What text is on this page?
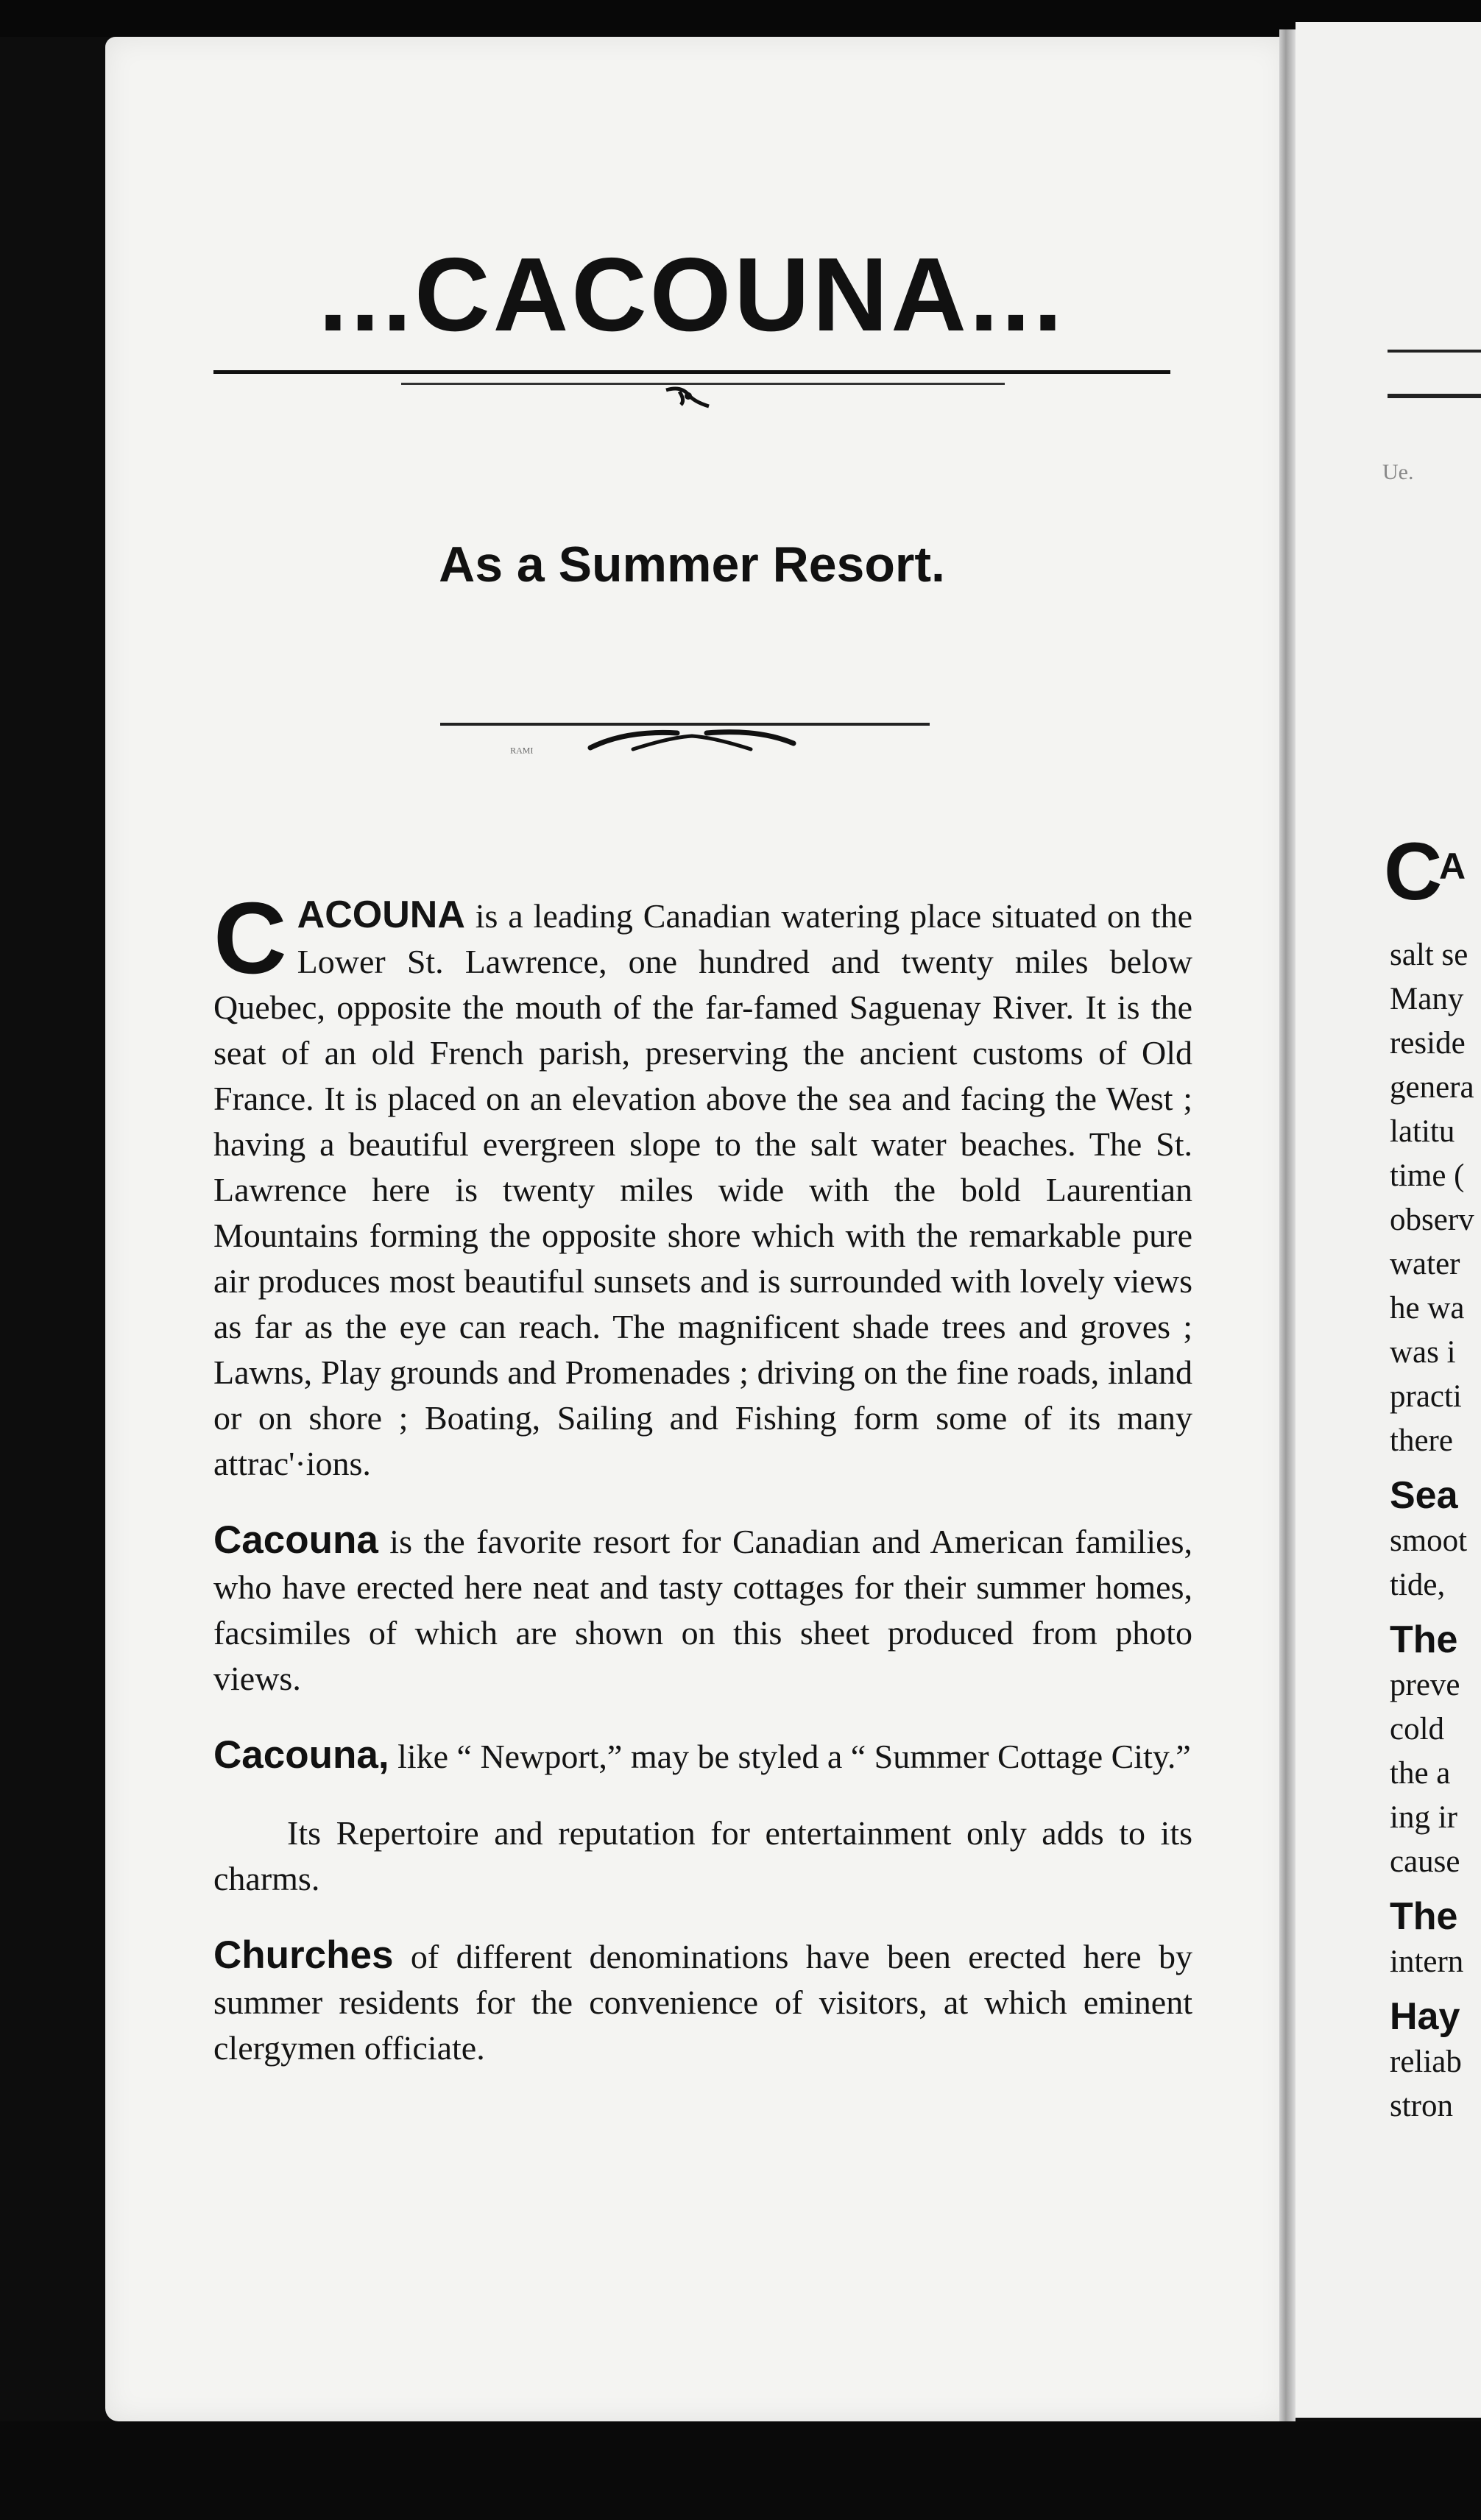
...CACOUNA...
As a Summer Resort.
ᴿᴬᴹᴵ

CACOUNA is a leading Canadian watering place situated on the Lower St. Lawrence, one hundred and twenty miles below Quebec, opposite the mouth of the far-famed Saguenay River. It is the seat of an old French parish, preserving the ancient customs of Old France. It is placed on an elevation above the sea and facing the West ; having a beautiful evergreen slope to the salt water beaches. The St. Lawrence here is twenty miles wide with the bold Laurentian Mountains forming the opposite shore which with the remarkable pure air produces most beautiful sunsets and is surrounded with lovely views as far as the eye can reach. The magnificent shade trees and groves ; Lawns, Play grounds and Promenades ; driving on the fine roads, inland or on shore ; Boating, Sailing and Fishing form some of its many attrac'·ions.

Cacouna is the favorite resort for Canadian and American families, who have erected here neat and tasty cottages for their summer homes, facsimiles of which are shown on this sheet produced from photo views.

Cacouna, like “ Newport,” may be styled a “ Summer Cottage City.”

Its Repertoire and reputation for entertainment only adds to its charms.

Churches of different denominations have been erected here by summer residents for the convenience of visitors, at which eminent clergymen officiate.

Ue.
C
A
salt se
Many
reside
genera
latitu
time (
observ
water
he wa
was i
practi
there
Sea
smoot
tide,
The
preve
cold
the a
ing ir
cause
The
intern
Hay
reliab
stron
